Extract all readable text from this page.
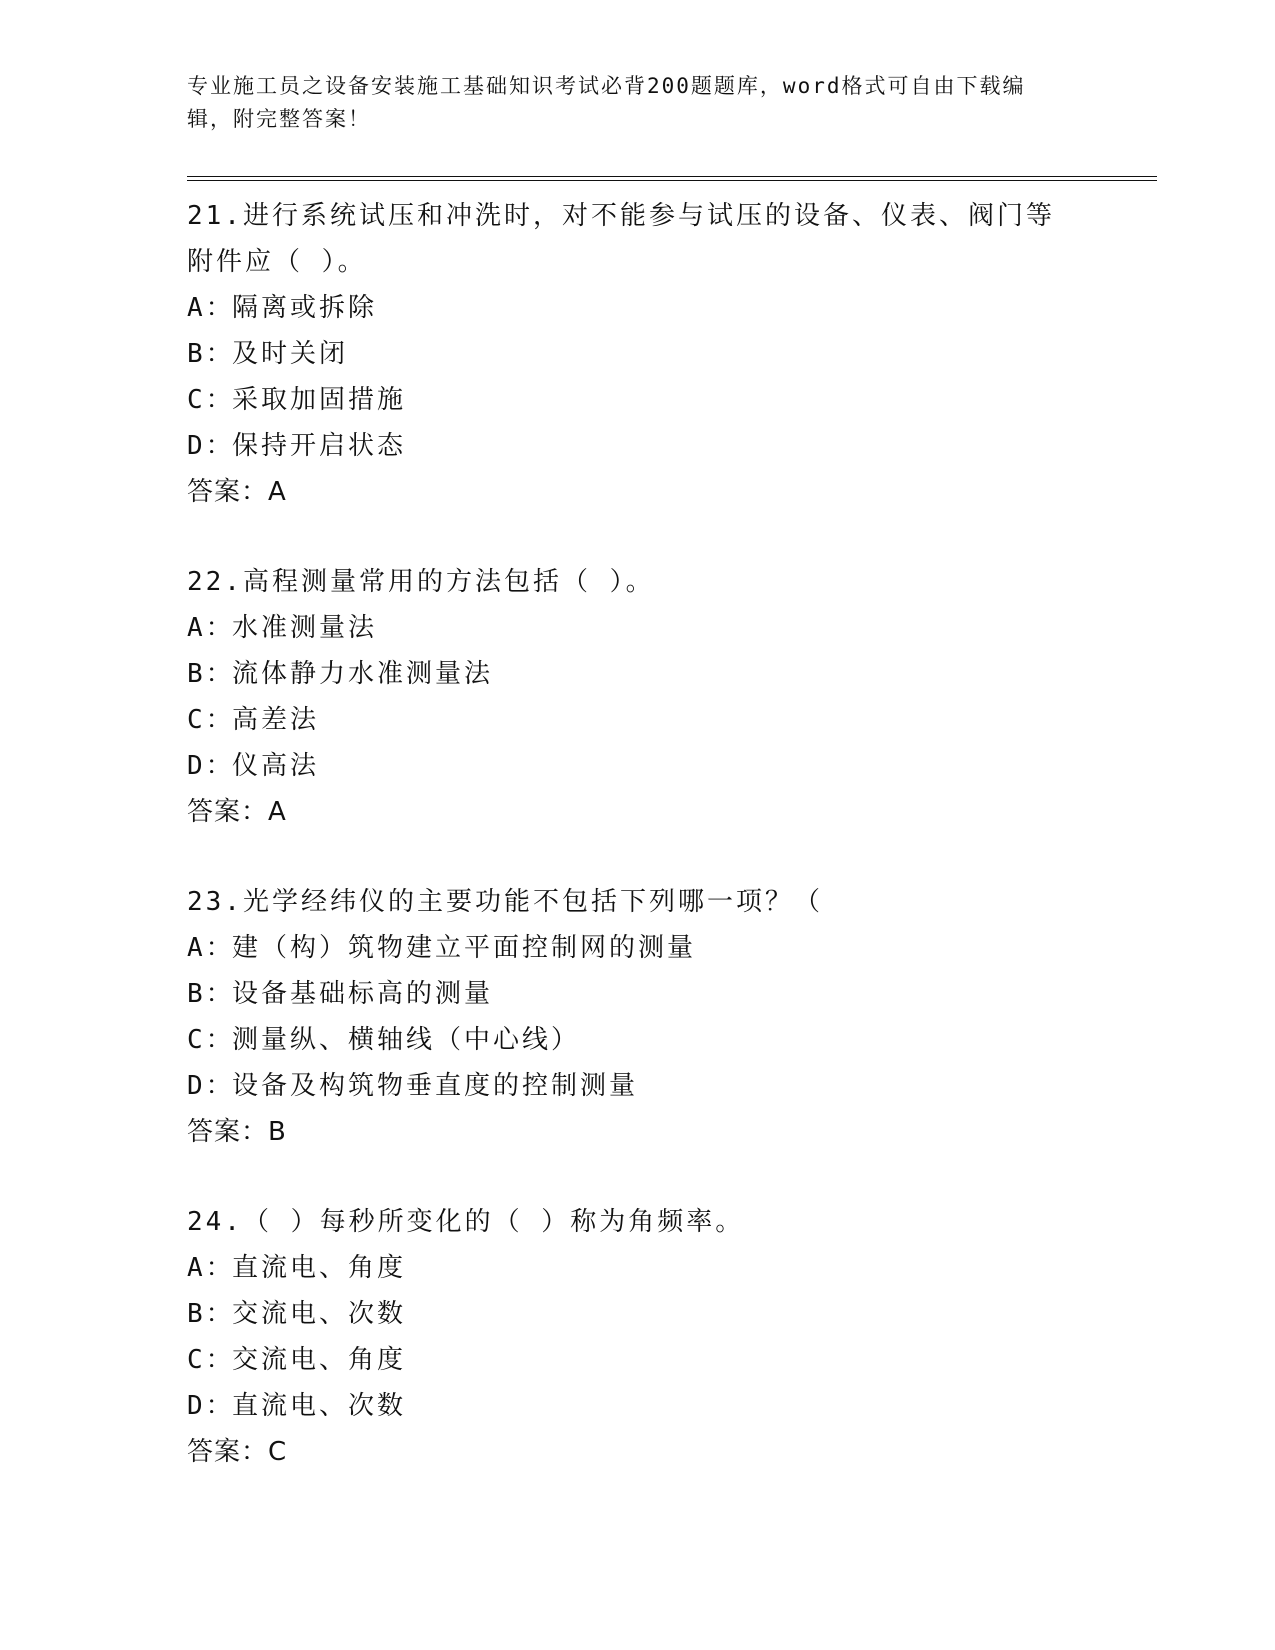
专业施工员之设备安装施工基础知识考试必背200题题库，word格式可自由下载编辑，附完整答案！
21.进行系统试压和冲洗时，对不能参与试压的设备、仪表、阀门等附件应（ ）。
A：
隔离或拆除
B：
及时关闭
C：
采取加固措施
D：
保持开启状态
答案：A
22.高程测量常用的方法包括（ ）。
A：
水准测量法
B：
流体静力水准测量法
C：
高差法
D：
仪高法
答案：A
23.光学经纬仪的主要功能不包括下列哪一项？（
A：
建（构）筑物建立平面控制网的测量
B：
设备基础标高的测量
C：
测量纵、横轴线（中心线）
D：
设备及构筑物垂直度的控制测量
答案：B
24.（ ）每秒所变化的（ ）称为角频率。
A：
直流电、角度
B：
交流电、次数
C：
交流电、角度
D：
直流电、次数
答案：C
